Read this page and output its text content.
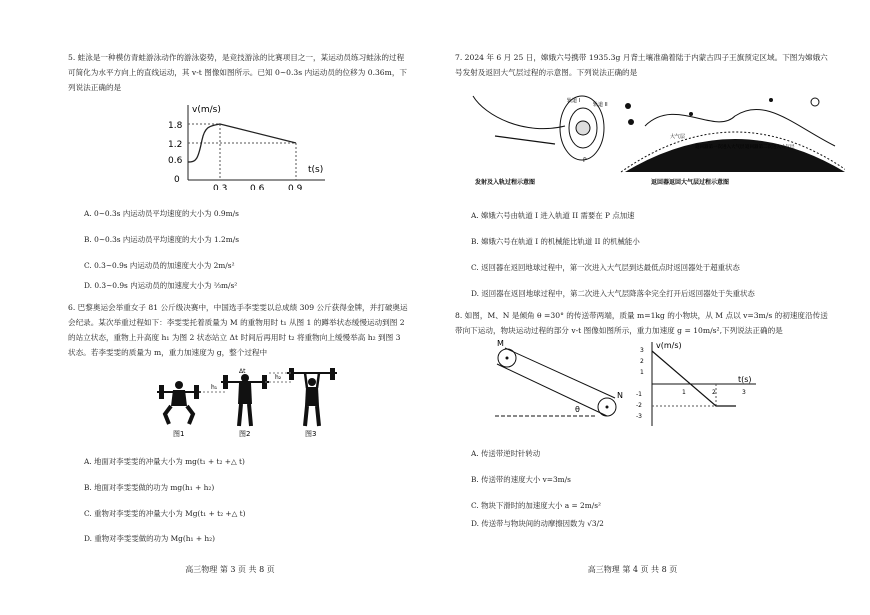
5. 蛙泳是一种模仿青蛙游泳动作的游泳姿势，是竞技游泳的比赛项目之一，某运动员练习蛙泳的过程可简化为水平方向上的直线运动，其 v-t 图像如图所示。已知 0~0.3s 内运动员的位移为 0.36m，下列说法正确的是

v(m/s)
t(s)
1.8
1.2
0.6
0
0.3	0.6	0.9
A. 0~0.3s 内运动员平均速度的大小为 0.9m/s
B. 0~0.3s 内运动员平均速度的大小为 1.2m/s
C. 0.3~0.9s 内运动员的加速度大小为 2m/s²
D. 0.3~0.9s 内运动员的加速度大小为 ⅔m/s²

6. 巴黎奥运会举重女子 81 公斤级决赛中，中国选手李雯雯以总成绩 309 公斤获得金牌，并打破奥运会纪录。某次举重过程如下：李雯雯托着质量为 M 的重物用时 t₁ 从图 1 的蹲举状态缓慢运动到图 2 的站立状态，重物上升高度 h₁ 为图 2 状态站立 Δt 时间后再用时 t₂ 将重物向上缓慢举高 h₂ 到图 3 状态。若李雯雯的质量为 m，重力加速度为 g，整个过程中

Δt
h₁
h₂
图1	图2	图3
A. 地面对李雯雯的冲量大小为 mg(t₁ + t₂ +△ t)
B. 地面对李雯雯做的功为 mg(h₁ + h₂)
C. 重物对李雯雯的冲量大小为 Mg(t₁ + t₂ +△ t)
D. 重物对李雯雯做的功为 Mg(h₁ + h₂)
高三物理 第 3 页 共 8 页

7. 2024 年 6 月 25 日，嫦娥六号携带 1935.3g 月背土壤准确着陆于内蒙古四子王旗预定区域。下图为嫦娥六号发射及返回大气层过程的示意图。下列说法正确的是

轨道 I
轨道 II
P
发射及入轨过程示意图
大气层
返回器第一次进入大气层 返回器第二次进入大气层
返回器返回大气层过程示意图
A. 嫦娥六号由轨道 I 进入轨道 II 需要在 P 点加速
B. 嫦娥六号在轨道 I 的机械能比轨道 II 的机械能小
C. 返回器在返回地球过程中，第一次进入大气层到达最低点时返回器处于超重状态
D. 返回器在返回地球过程中，第二次进入大气层降落伞完全打开后返回器处于失重状态

8. 如图，M、N 是倾角 θ =30° 的传送带两端，质量 m=1kg 的小物块，从 M 点以 v=3m/s 的初速度沿传送带向下运动，物块运动过程的部分 v-t 图像如图所示，重力加速度 g = 10m/s²,下列说法正确的是

M
N
θ
v(m/s)
t(s)
3
2
1
-1
-2
-3
1	2	3
A. 传送带逆时针转动
B. 传送带的速度大小 v=3m/s
C. 物块下滑时的加速度大小 a = 2m/s²
D. 传送带与物块间的动摩擦因数为 √3/2
高三物理 第 4 页 共 8 页
